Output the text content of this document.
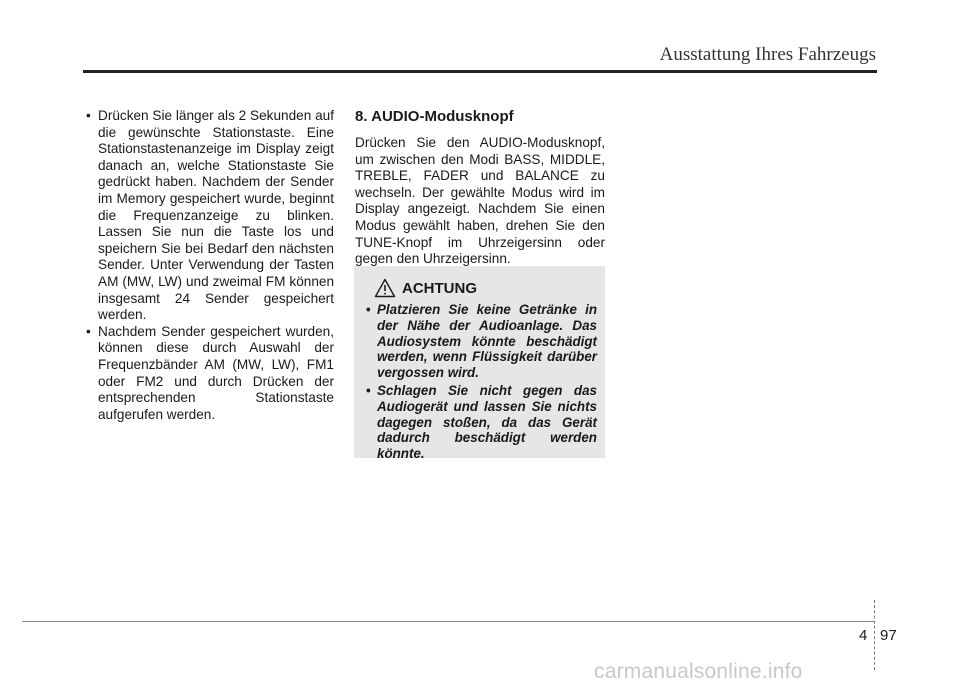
Ausstattung Ihres Fahrzeugs
• Drücken Sie länger als 2 Sekunden auf die gewünschte Stationstaste. Eine Stationstastenanzeige im Display zeigt danach an, welche Stationstaste Sie gedrückt haben. Nachdem der Sender im Memory gespeichert wurde, beginnt die Frequenzanzeige zu blinken. Lassen Sie nun die Taste los und speichern Sie bei Bedarf den nächsten Sender. Unter Verwendung der Tasten AM (MW, LW) und zweimal FM können insgesamt 24 Sender gespeichert werden.
• Nachdem Sender gespeichert wurden, können diese durch Auswahl der Frequenzbänder AM (MW, LW), FM1 oder FM2 und durch Drücken der entsprechenden Stationstaste aufgerufen werden.
8. AUDIO-Modusknopf

Drücken Sie den AUDIO-Modusknopf, um zwischen den Modi BASS, MIDDLE, TREBLE, FADER und BALANCE zu wechseln. Der gewählte Modus wird im Display angezeigt. Nachdem Sie einen Modus gewählt haben, drehen Sie den TUNE-Knopf im Uhrzeigersinn oder gegen den Uhrzeigersinn.

ACHTUNG
• Platzieren Sie keine Getränke in der Nähe der Audioanlage. Das Audiosystem könnte beschädigt werden, wenn Flüssigkeit darüber vergossen wird.
• Schlagen Sie nicht gegen das Audiogerät und lassen Sie nichts dagegen stoßen, da das Gerät dadurch beschädigt werden könnte.
4 97
carmanualsonline.info
